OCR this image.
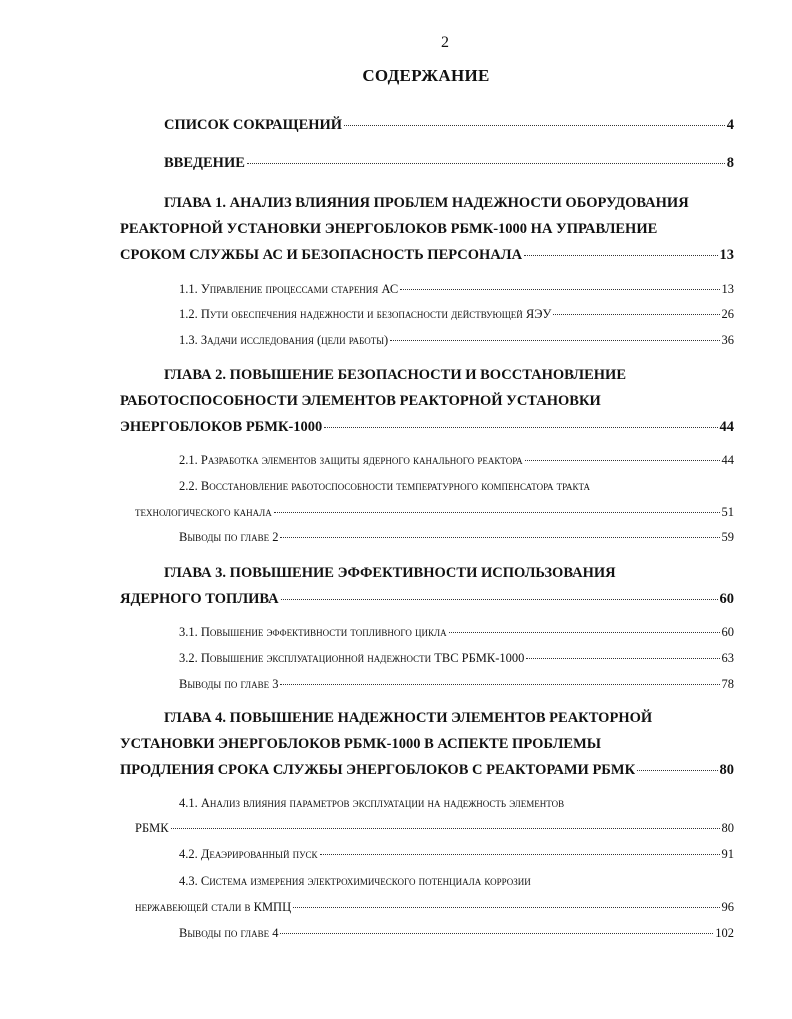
2
СОДЕРЖАНИЕ
СПИСОК СОКРАЩЕНИЙ	4
ВВЕДЕНИЕ	8
ГЛАВА 1. АНАЛИЗ ВЛИЯНИЯ ПРОБЛЕМ НАДЕЖНОСТИ ОБОРУДОВАНИЯ
РЕАКТОРНОЙ УСТАНОВКИ ЭНЕРГОБЛОКОВ РБМК-1000 НА УПРАВЛЕНИЕ
СРОКОМ СЛУЖБЫ АС И БЕЗОПАСНОСТЬ ПЕРСОНАЛА	13
1.1. Управление процессами старения АС	13
1.2. Пути обеспечения надежности и безопасности действующей ЯЭУ	26
1.3. Задачи исследования (цели работы)	36
ГЛАВА 2. ПОВЫШЕНИЕ БЕЗОПАСНОСТИ И ВОССТАНОВЛЕНИЕ
РАБОТОСПОСОБНОСТИ ЭЛЕМЕНТОВ РЕАКТОРНОЙ УСТАНОВКИ
ЭНЕРГОБЛОКОВ РБМК-1000	44
2.1. Разработка элементов защиты ядерного канального реактора	44
2.2. Восстановление работоспособности температурного компенсатора тракта
технологического канала	51
Выводы по главе 2	59
ГЛАВА 3. ПОВЫШЕНИЕ ЭФФЕКТИВНОСТИ ИСПОЛЬЗОВАНИЯ
ЯДЕРНОГО ТОПЛИВА	60
3.1. Повышение эффективности топливного цикла	60
3.2. Повышение эксплуатационной надежности ТВС РБМК-1000	63
Выводы по главе 3	78
ГЛАВА 4. ПОВЫШЕНИЕ НАДЕЖНОСТИ ЭЛЕМЕНТОВ РЕАКТОРНОЙ
УСТАНОВКИ ЭНЕРГОБЛОКОВ РБМК-1000 В АСПЕКТЕ ПРОБЛЕМЫ
ПРОДЛЕНИЯ СРОКА СЛУЖБЫ ЭНЕРГОБЛОКОВ С РЕАКТОРАМИ РБМК	80
4.1. Анализ влияния параметров эксплуатации на надежность элементов
РБМК	80
4.2. Деаэрированный пуск	91
4.3. Система измерения электрохимического потенциала коррозии
нержавеющей стали в КМПЦ	96
Выводы по главе 4	102
